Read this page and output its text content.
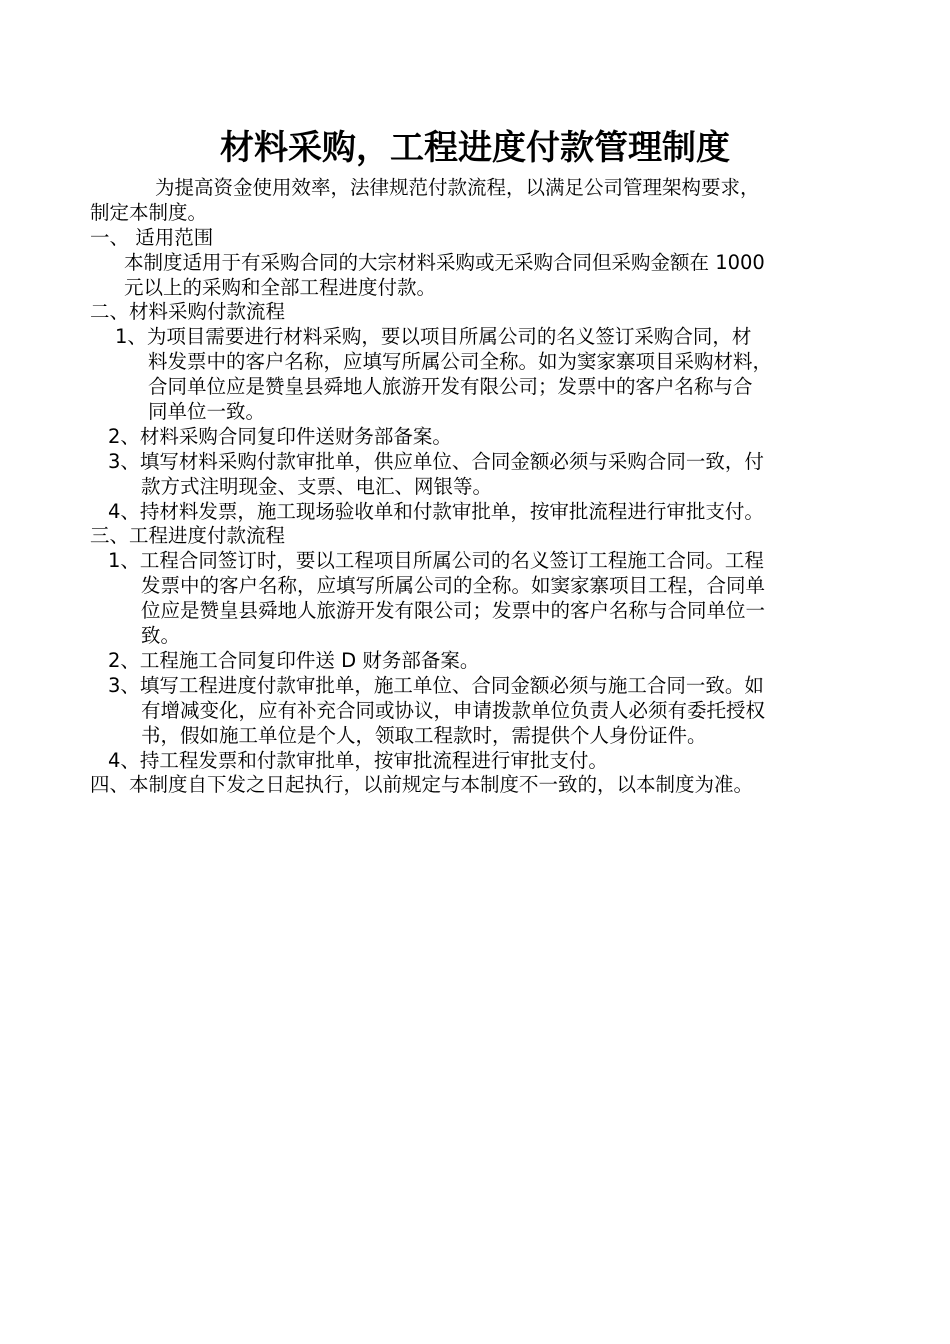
材料采购，工程进度付款管理制度
为提高资金使用效率，法律规范付款流程，以满足公司管理架构要求，
制定本制度。
一、 适用范围
本制度适用于有采购合同的大宗材料采购或无采购合同但采购金额在 1000
元以上的采购和全部工程进度付款。
二、材料采购付款流程
1、为项目需要进行材料采购，要以项目所属公司的名义签订采购合同，材
料发票中的客户名称，应填写所属公司全称。如为窦家寨项目采购材料，
合同单位应是赞皇县舜地人旅游开发有限公司；发票中的客户名称与合
同单位一致。
2、材料采购合同复印件送财务部备案。
3、填写材料采购付款审批单，供应单位、合同金额必须与采购合同一致，付
款方式注明现金、支票、电汇、网银等。
4、持材料发票，施工现场验收单和付款审批单，按审批流程进行审批支付。
三、工程进度付款流程
1、工程合同签订时，要以工程项目所属公司的名义签订工程施工合同。工程
发票中的客户名称，应填写所属公司的全称。如窦家寨项目工程，合同单
位应是赞皇县舜地人旅游开发有限公司；发票中的客户名称与合同单位一
致。
2、工程施工合同复印件送 D 财务部备案。
3、填写工程进度付款审批单，施工单位、合同金额必须与施工合同一致。如
有增减变化，应有补充合同或协议，申请拨款单位负责人必须有委托授权
书，假如施工单位是个人，领取工程款时，需提供个人身份证件。
4、持工程发票和付款审批单，按审批流程进行审批支付。
四、本制度自下发之日起执行，以前规定与本制度不一致的，以本制度为准。
